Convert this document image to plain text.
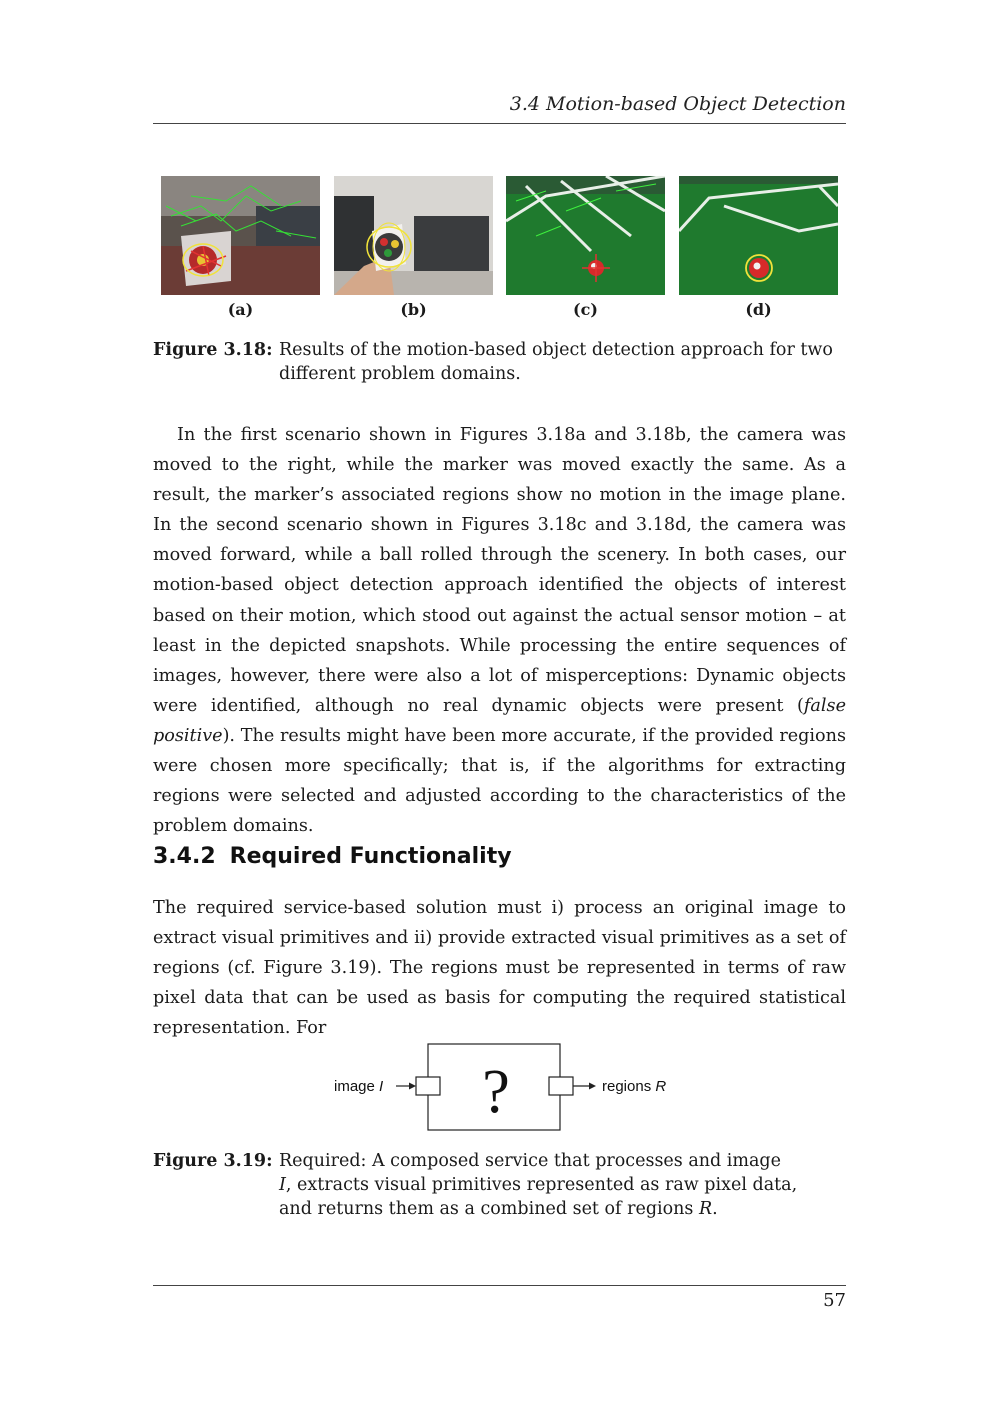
3.4 Motion-based Object Detection
(a)	(b)	(c)	(d)
Figure 3.18: Results of the motion-based object detection approach for two different problem domains.
In the first scenario shown in Figures 3.18a and 3.18b, the camera was moved to the right, while the marker was moved exactly the same. As a result, the marker’s associated regions show no motion in the image plane. In the second scenario shown in Figures 3.18c and 3.18d, the camera was moved forward, while a ball rolled through the scenery. In both cases, our motion-based object detection approach identified the objects of interest based on their motion, which stood out against the actual sensor motion – at least in the depicted snapshots. While processing the entire sequences of images, however, there were also a lot of misperceptions: Dynamic objects were identified, although no real dynamic objects were present (false positive). The results might have been more accurate, if the provided regions were chosen more specifically; that is, if the algorithms for extracting regions were selected and adjusted according to the characteristics of the problem domains.
3.4.2 Required Functionality
The required service-based solution must i) process an original image to extract visual primitives and ii) provide extracted visual primitives as a set of regions (cf. Figure 3.19). The regions must be represented in terms of raw pixel data that can be used as basis for computing the required statistical representation. For
image I	regions R
?
Figure 3.19: Required: A composed service that processes and image I, extracts visual primitives represented as raw pixel data, and returns them as a combined set of regions R.
57
